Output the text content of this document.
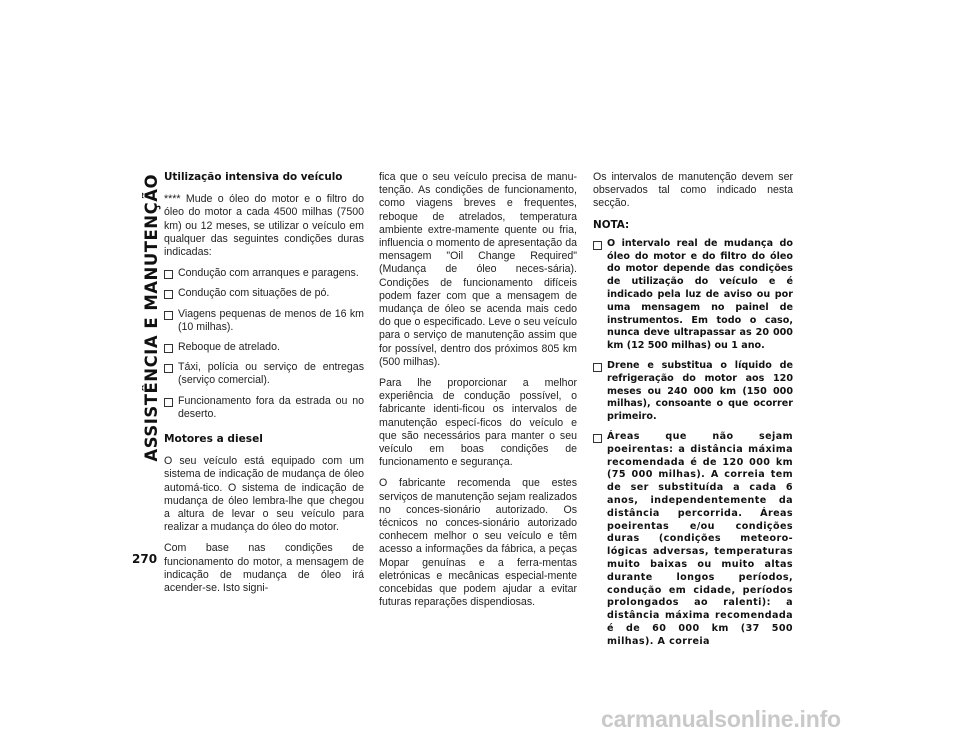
ASSISTÊNCIA E MANUTENÇÃO
270
Utilização intensiva do veículo

**** Mude o óleo do motor e o filtro do óleo do motor a cada 4500 milhas (7500 km) ou 12 meses, se utilizar o veículo em qualquer das seguintes condições duras indicadas:

Condução com arranques e paragens.
Condução com situações de pó.
Viagens pequenas de menos de 16 km (10 milhas).
Reboque de atrelado.
Táxi, polícia ou serviço de entregas (serviço comercial).
Funcionamento fora da estrada ou no deserto.
Motores a diesel

O seu veículo está equipado com um sistema de indicação de mudança de óleo automá-tico. O sistema de indicação de mudança de óleo lembra-lhe que chegou a altura de levar o seu veículo para realizar a mudança do óleo do motor.

Com base nas condições de funcionamento do motor, a mensagem de indicação de mudança de óleo irá acender-se. Isto signi-

fica que o seu veículo precisa de manu-tenção. As condições de funcionamento, como viagens breves e frequentes, reboque de atrelados, temperatura ambiente extre-mamente quente ou fria, influencia o momento de apresentação da mensagem "Oil Change Required" (Mudança de óleo neces-sária). Condições de funcionamento difíceis podem fazer com que a mensagem de mudança de óleo se acenda mais cedo do que o especificado. Leve o seu veículo para o serviço de manutenção assim que for possível, dentro dos próximos 805 km (500 milhas).

Para lhe proporcionar a melhor experiência de condução possível, o fabricante identi-ficou os intervalos de manutenção especí-ficos do veículo e que são necessários para manter o seu veículo em boas condições de funcionamento e segurança.

O fabricante recomenda que estes serviços de manutenção sejam realizados no conces-sionário autorizado. Os técnicos no conces-sionário autorizado conhecem melhor o seu veículo e têm acesso a informações da fábrica, a peças Mopar genuínas e a ferra-mentas eletrónicas e mecânicas especial-mente concebidas que podem ajudar a evitar futuras reparações dispendiosas.

Os intervalos de manutenção devem ser observados tal como indicado nesta secção.

NOTA:
O intervalo real de mudança do óleo do motor e do filtro do óleo do motor depende das condições de utilização do veículo e é indicado pela luz de aviso ou por uma mensagem no painel de instrumentos. Em todo o caso, nunca deve ultrapassar as 20 000 km (12 500 milhas) ou 1 ano.
Drene e substitua o líquido de refrigeração do motor aos 120 meses ou 240 000 km (150 000 milhas), consoante o que ocorrer primeiro.
Áreas que não sejam poeirentas: a distância máxima recomendada é de 120 000 km (75 000 milhas). A correia tem de ser substituída a cada 6 anos, independentemente da distância percorrida. Áreas poeirentas e/ou condições duras (condições meteoro-lógicas adversas, temperaturas muito baixas ou muito altas durante longos períodos, condução em cidade, períodos prolongados ao ralenti): a distância máxima recomendada é de 60 000 km (37 500 milhas). A correia
carmanualsonline.info
